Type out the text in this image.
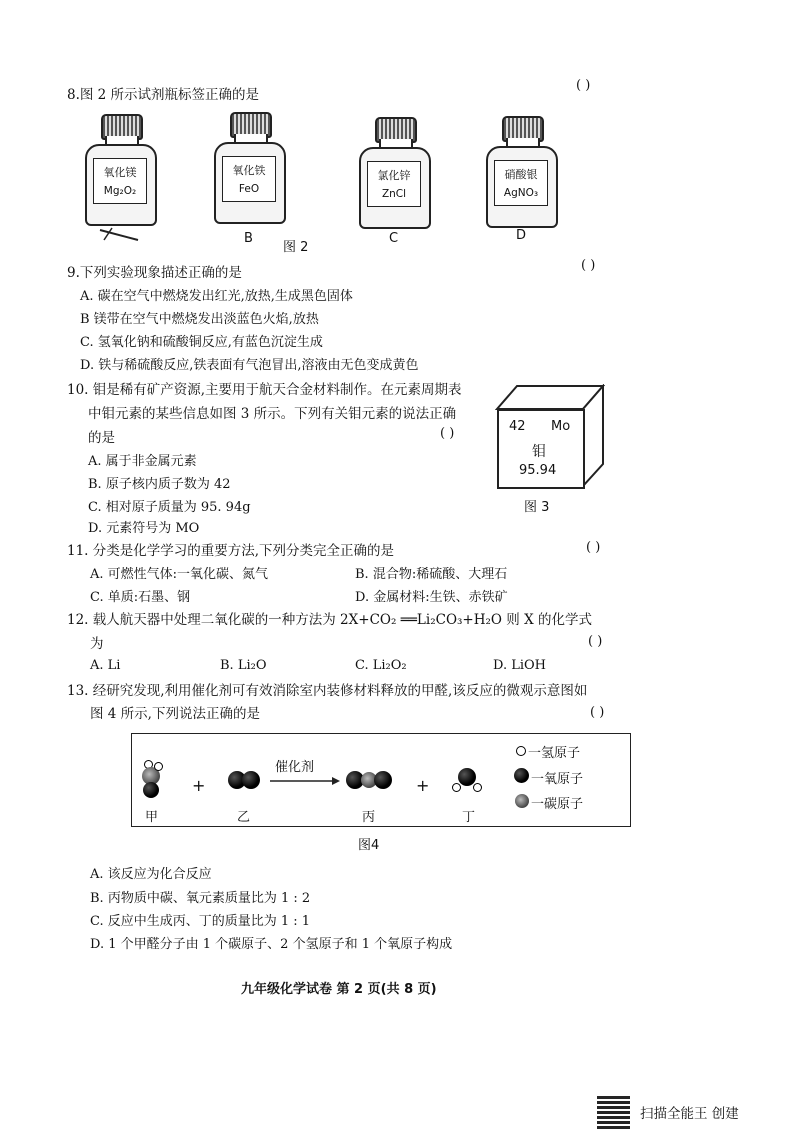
8.图 2 所示试剂瓶标签正确的是
( )
氧化镁
Mg₂O₂
氧化铁
FeO
B
图 2
氯化锌
ZnCl
C
硝酸银
AgNO₃
D
9.下列实验现象描述正确的是	( )
A. 碳在空气中燃烧发出红光,放热,生成黑色固体
B 镁带在空气中燃烧发出淡蓝色火焰,放热
C. 氢氧化钠和硫酸铜反应,有蓝色沉淀生成
D. 铁与稀硫酸反应,铁表面有气泡冒出,溶液由无色变成黄色
10. 钼是稀有矿产资源,主要用于航天合金材料制作。在元素周期表
中钼元素的某些信息如图 3 所示。下列有关钼元素的说法正确
的是	( )
A. 属于非金属元素
B. 原子核内质子数为 42
C. 相对原子质量为 95. 94g
D. 元素符号为 MO
42 Mo
钼
95.94
图 3
11. 分类是化学学习的重要方法,下列分类完全正确的是	( )
A. 可燃性气体:一氧化碳、氮气	B. 混合物:稀硫酸、大理石
C. 单质:石墨、钢	D. 金属材料:生铁、赤铁矿
12. 载人航天器中处理二氧化碳的一种方法为 2X+CO₂ ══Li₂CO₃+H₂O 则 X 的化学式
为	( )
A. Li	B. Li₂O	C. Li₂O₂	D. LiOH
13. 经研究发现,利用催化剂可有效消除室内装修材料释放的甲醛,该反应的微观示意图如
图 4 所示,下列说法正确的是	( )
甲
+
乙
催化剂
丙
+
丁
一氢原子
一氧原子
一碳原子
图4
A. 该反应为化合反应
B. 丙物质中碳、氧元素质量比为 1 : 2
C. 反应中生成丙、丁的质量比为 1 : 1
D. 1 个甲醛分子由 1 个碳原子、2 个氢原子和 1 个氧原子构成
九年级化学试卷 第 2 页(共 8 页)
扫描全能王 创建
